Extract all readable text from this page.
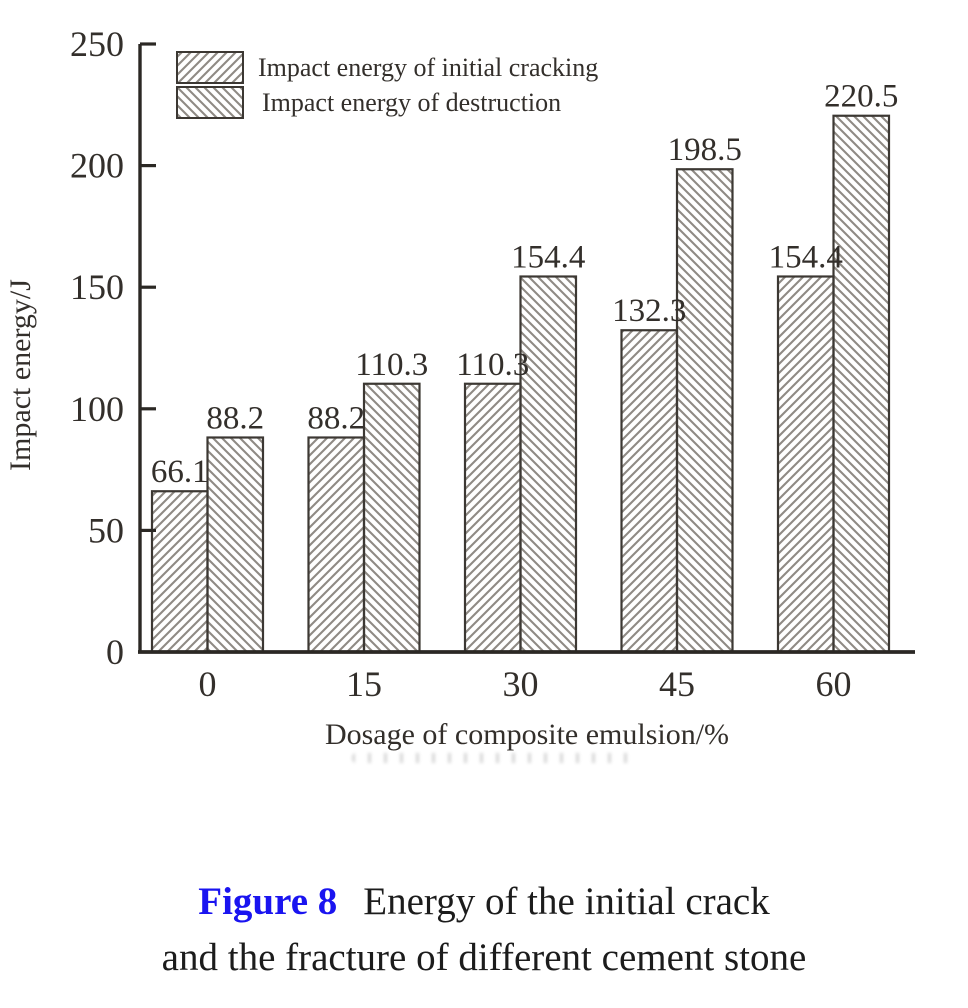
0
50
100
150
200
250
0	15	30	45	60
66.1
88.2
110.3
132.3
154.4
88.2
110.3
154.4
198.5
220.5
Impact energy/J
Dosage of composite emulsion/%
Impact energy of initial cracking
Impact energy of destruction
Figure 8 Energy of the initial crack
and the fracture of different cement stone
